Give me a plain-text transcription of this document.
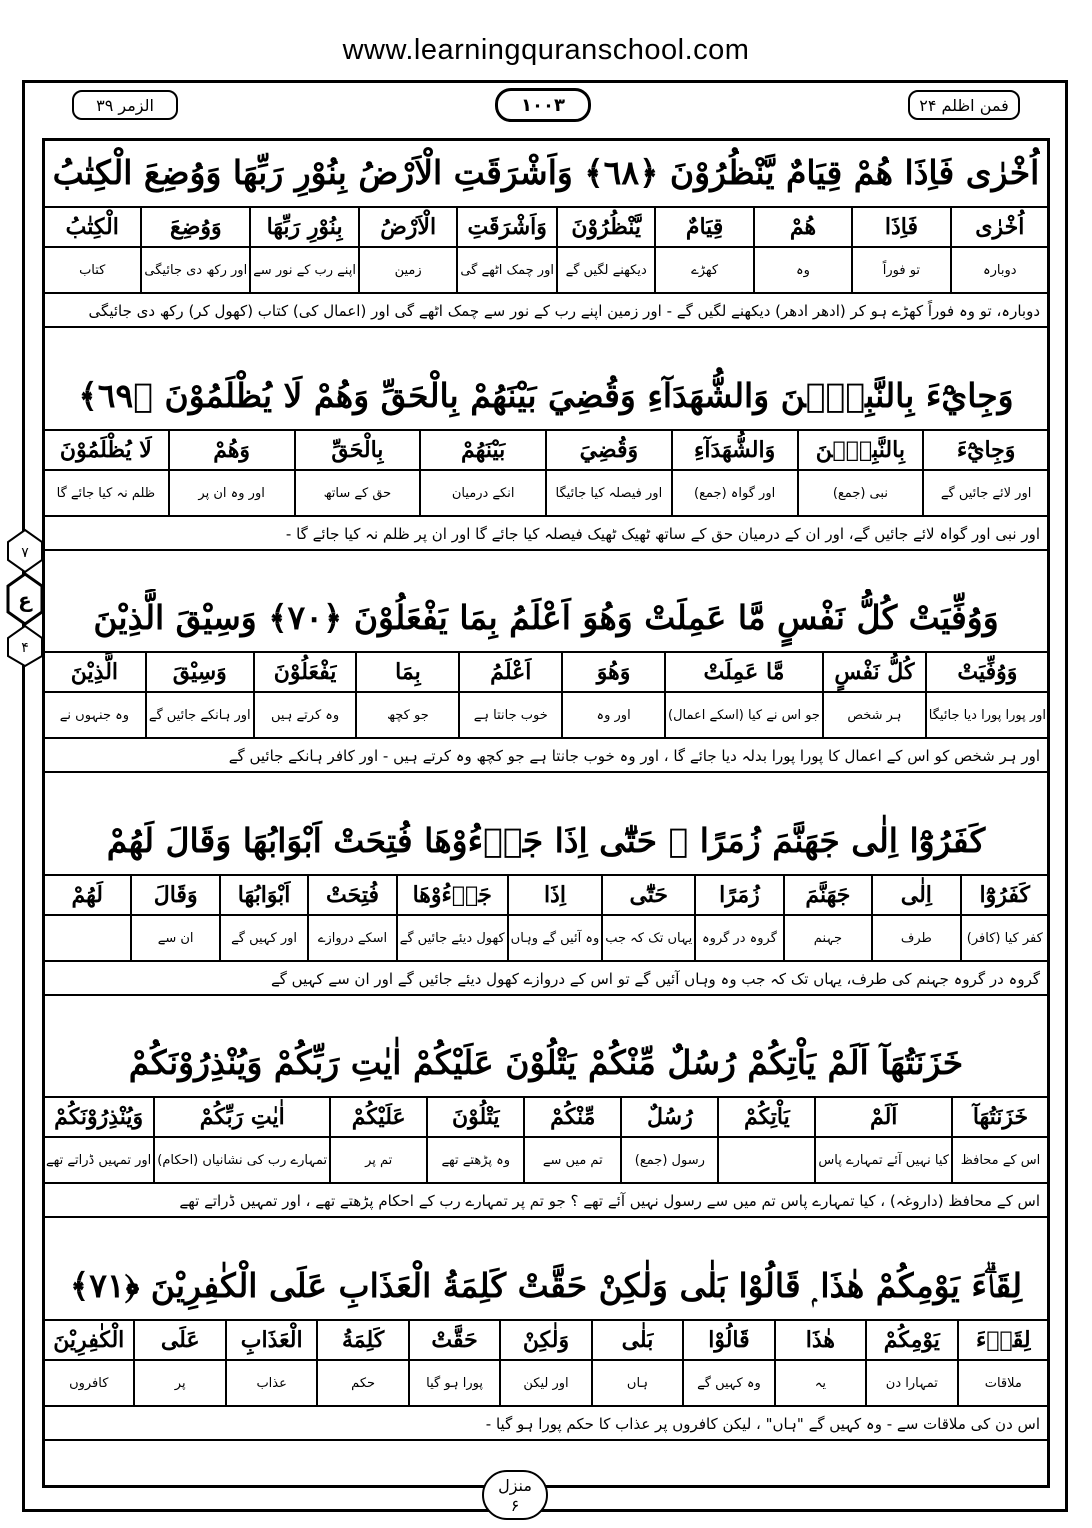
www.learningquranschool.com
الزمر ۳۹	۱۰۰۳	فمن اظلم ۲۴
۷
ع
۴
اُخْرٰى فَاِذَا هُمْ قِيَامٌ يَّنْظُرُوْنَ ﴿٦٨﴾ وَاَشْرَقَتِ الْاَرْضُ بِنُوْرِ رَبِّهَا وَوُضِعَ الْكِتٰبُ
اُخْرٰى
دوبارہ
فَاِذَا
تو فوراً
هُمْ
وہ
قِيَامٌ
کھڑے
يَّنْظُرُوْنَ
دیکھنے لگیں گے
وَاَشْرَقَتِ
اور چمک اٹھے گی
الْاَرْضُ
زمین
بِنُوْرِ رَبِّهَا
اپنے رب کے نور سے
وَوُضِعَ
اور رکھ دی جائیگی
الْكِتٰبُ
کتاب
دوبارہ، تو وہ فوراً کھڑے ہو کر (ادھر ادھر) دیکھنے لگیں گے - اور زمین اپنے رب کے نور سے چمک اٹھے گی اور (اعمال کی) کتاب (کھول کر) رکھ دی جائیگی
وَجِايْٓءَ بِالنَّبِيّٖنَ وَالشُّهَدَآءِ وَقُضِيَ بَيْنَهُمْ بِالْحَقِّ وَهُمْ لَا يُظْلَمُوْنَ ﴿٦٩﴾
وَجِايْٓءَ
اور لائے جائیں گے
بِالنَّبِيّٖنَ
نبی (جمع)
وَالشُّهَدَآءِ
اور گواہ (جمع)
وَقُضِيَ
اور فیصلہ کیا جائیگا
بَيْنَهُمْ
انکے درمیان
بِالْحَقِّ
حق کے ساتھ
وَهُمْ
اور وہ ان پر
لَا يُظْلَمُوْنَ
ظلم نہ کیا جائے گا
اور نبی اور گواہ لائے جائیں گے، اور ان کے درمیان حق کے ساتھ ٹھیک ٹھیک فیصلہ کیا جائے گا اور ان پر ظلم نہ کیا جائے گا -
وَوُفِّيَتْ كُلُّ نَفْسٍ مَّا عَمِلَتْ وَهُوَ اَعْلَمُ بِمَا يَفْعَلُوْنَ ﴿٧٠﴾ وَسِيْقَ الَّذِيْنَ
وَوُفِّيَتْ
اور پورا پورا دیا جائیگا
كُلُّ نَفْسٍ
ہر شخص
مَّا عَمِلَتْ
جو اس نے کیا (اسکے اعمال)
وَهُوَ
اور وہ
اَعْلَمُ
خوب جانتا ہے
بِمَا
جو کچھ
يَفْعَلُوْنَ
وہ کرتے ہیں
وَسِيْقَ
اور ہانکے جائیں گے
الَّذِيْنَ
وہ جنہوں نے
اور ہر شخص کو اس کے اعمال کا پورا پورا بدلہ دیا جائے گا ، اور وہ خوب جانتا ہے جو کچھ وہ کرتے ہیں - اور کافر ہانکے جائیں گے
كَفَرُوْٓا اِلٰى جَهَنَّمَ زُمَرًا ۭ حَتّٰٓى اِذَا جَاۗءُوْهَا فُتِحَتْ اَبْوَابُهَا وَقَالَ لَهُمْ
كَفَرُوْٓا
کفر کیا (کافر)
اِلٰى
طرف
جَهَنَّمَ
جہنم
زُمَرًا
گروہ در گروہ
حَتّٰٓى
یہاں تک کہ جب
اِذَا
وہ آئیں گے وہاں
جَاۗءُوْهَا
کھول دیئے جائیں گے
فُتِحَتْ
اسکے دروازے
اَبْوَابُهَا
اور کہیں گے
وَقَالَ
ان سے
لَهُمْ
گروہ در گروہ جہنم کی طرف، یہاں تک کہ جب وہ وہاں آئیں گے تو اس کے دروازے کھول دیئے جائیں گے اور ان سے کہیں گے
خَزَنَتُهَآ اَلَمْ يَاْتِكُمْ رُسُلٌ مِّنْكُمْ يَتْلُوْنَ عَلَيْكُمْ اٰيٰتِ رَبِّكُمْ وَيُنْذِرُوْنَكُمْ
خَزَنَتُهَآ
اس کے محافظ
اَلَمْ
کیا نہیں آئے تمہارے پاس
يَاْتِكُمْ
رُسُلٌ
رسول (جمع)
مِّنْكُمْ
تم میں سے
يَتْلُوْنَ
وہ پڑھتے تھے
عَلَيْكُمْ
تم پر
اٰيٰتِ رَبِّكُمْ
تمہارے رب کی نشانیاں (احکام)
وَيُنْذِرُوْنَكُمْ
اور تمہیں ڈراتے تھے
اس کے محافظ (داروغہ) ، کیا تمہارے پاس تم میں سے رسول نہیں آئے تھے ؟ جو تم پر تمہارے رب کے احکام پڑھتے تھے ، اور تمہیں ڈراتے تھے
لِقَاۗءَ يَوْمِكُمْ هٰذَا ۭ قَالُوْا بَلٰى وَلٰكِنْ حَقَّتْ كَلِمَةُ الْعَذَابِ عَلَى الْكٰفِرِيْنَ ﴿٧١﴾
لِقَاۗءَ
ملاقات
يَوْمِكُمْ
تمہارا دن
هٰذَا
یہ
قَالُوْا
وہ کہیں گے
بَلٰى
ہاں
وَلٰكِنْ
اور لیکن
حَقَّتْ
پورا ہو گیا
كَلِمَةُ
حکم
الْعَذَابِ
عذاب
عَلَى
پر
الْكٰفِرِيْنَ
کافروں
اس دن کی ملاقات سے - وہ کہیں گے "ہاں" ، لیکن کافروں پر عذاب کا حکم پورا ہو گیا -
منزل
۶
